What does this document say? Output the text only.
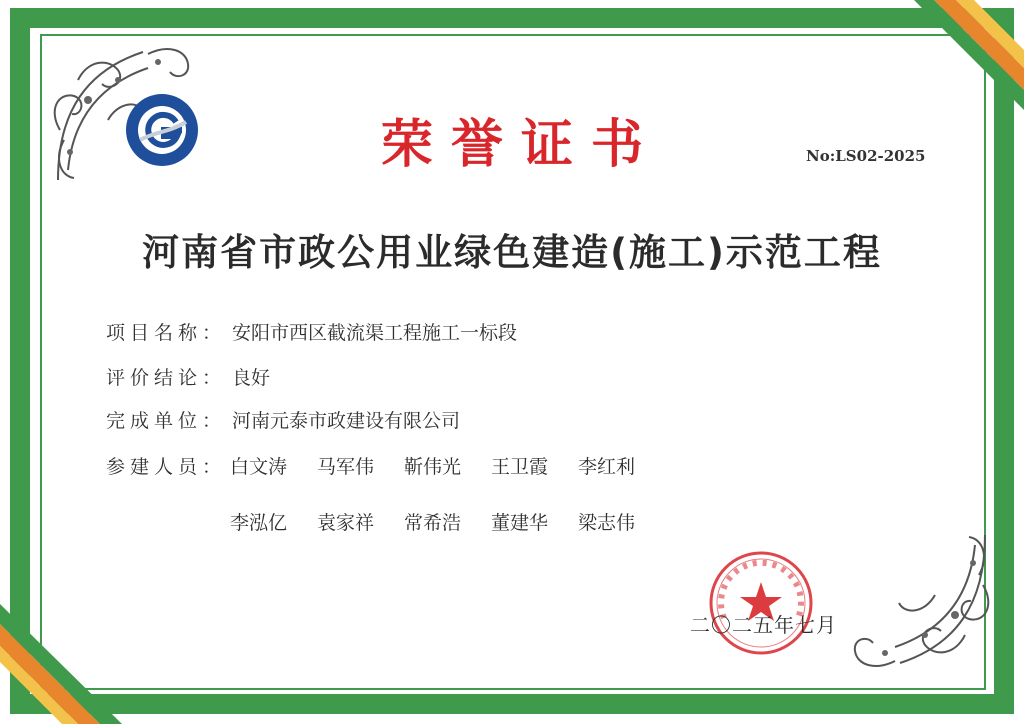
荣誉证书	No:LS02-2025
河南省市政公用业绿色建造(施工)示范工程
项目名称： 安阳市西区截流渠工程施工一标段
评价结论： 良好
完成单位： 河南元泰市政建设有限公司
参建人员： 白文涛	马军伟	靳伟光	王卫霞	李红利
李泓亿	袁家祥	常希浩	董建华	梁志伟
二〇二五年七月
